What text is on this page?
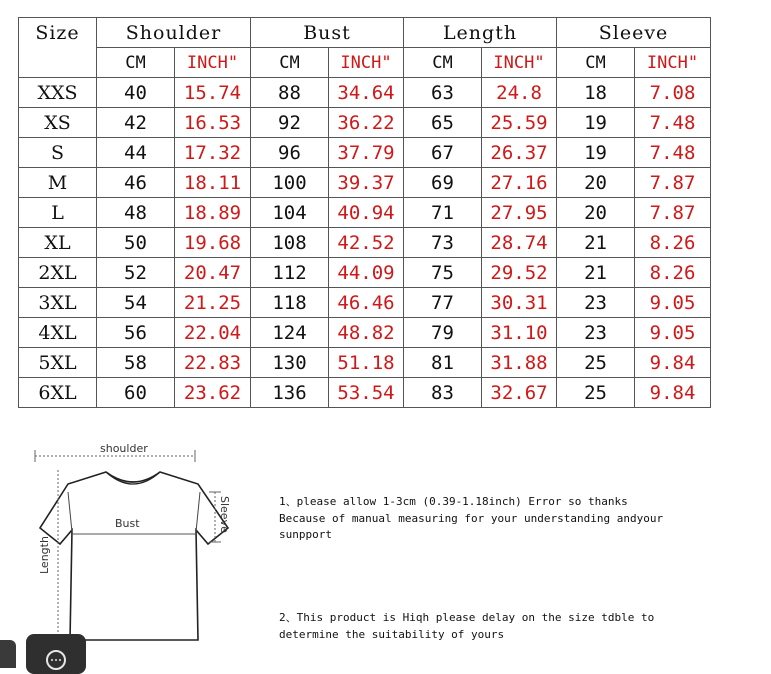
Size	Shoulder		Bust		Length		Sleeve	
	CM	INCH"	CM	INCH"	CM	INCH"	CM	INCH"
XXS	40	15.74	88	34.64	63	24.8	18	7.08
XS	42	16.53	92	36.22	65	25.59	19	7.48
S	44	17.32	96	37.79	67	26.37	19	7.48
M	46	18.11	100	39.37	69	27.16	20	7.87
L	48	18.89	104	40.94	71	27.95	20	7.87
XL	50	19.68	108	42.52	73	28.74	21	8.26
2XL	52	20.47	112	44.09	75	29.52	21	8.26
3XL	54	21.25	118	46.46	77	30.31	23	9.05
4XL	56	22.04	124	48.82	79	31.10	23	9.05
5XL	58	22.83	130	51.18	81	31.88	25	9.84
6XL	60	23.62	136	53.54	83	32.67	25	9.84
shoulder
Bust
Length
Sleeve	1、please allow 1-3cm (0.39-1.18inch) Error so thanks

Because of manual measuring for your understanding andyour

sunpport

2、This product is Hiqh please delay on the size tdble to

determine the suitability of yours
